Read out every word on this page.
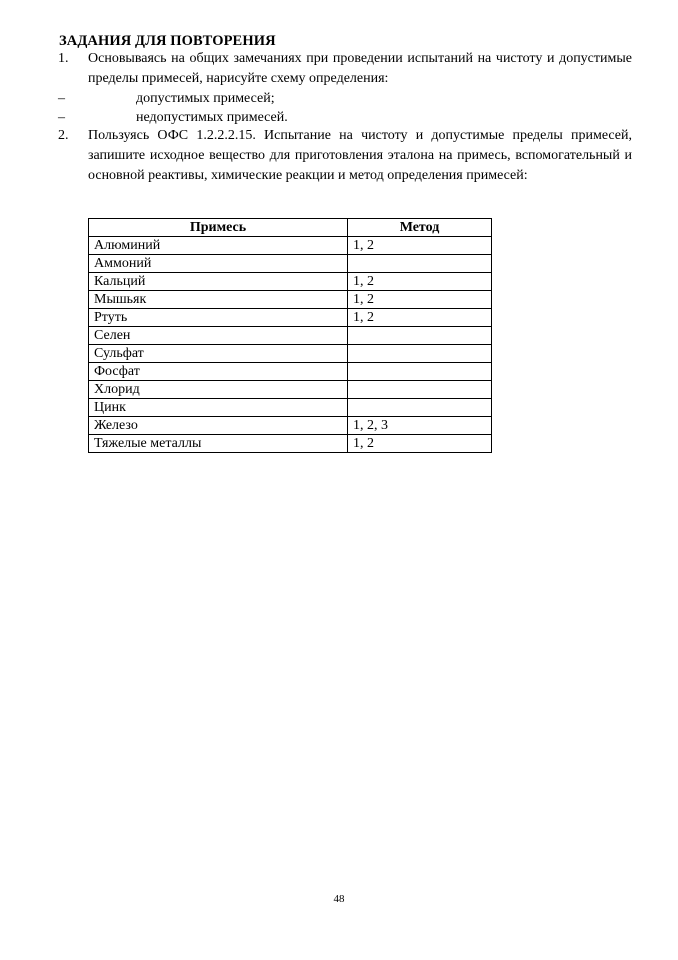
ЗАДАНИЯ ДЛЯ ПОВТОРЕНИЯ
1. Основываясь на общих замечаниях при проведении испытаний на чистоту и допустимые пределы примесей, нарисуйте схему определения:
–	допустимых примесей;
–	недопустимых примесей.
2. Пользуясь ОФС 1.2.2.2.15. Испытание на чистоту и допустимые пределы примесей, запишите исходное вещество для приготовления эталона на примесь, вспомогательный и основной реактивы, химические реакции и метод определения примесей:
Примесь	Метод
Алюминий	1, 2
Аммоний	
Кальций	1, 2
Мышьяк	1, 2
Ртуть	1, 2
Селен	
Сульфат	
Фосфат	
Хлорид	
Цинк	
Железо	1, 2, 3
Тяжелые металлы	1, 2
48
